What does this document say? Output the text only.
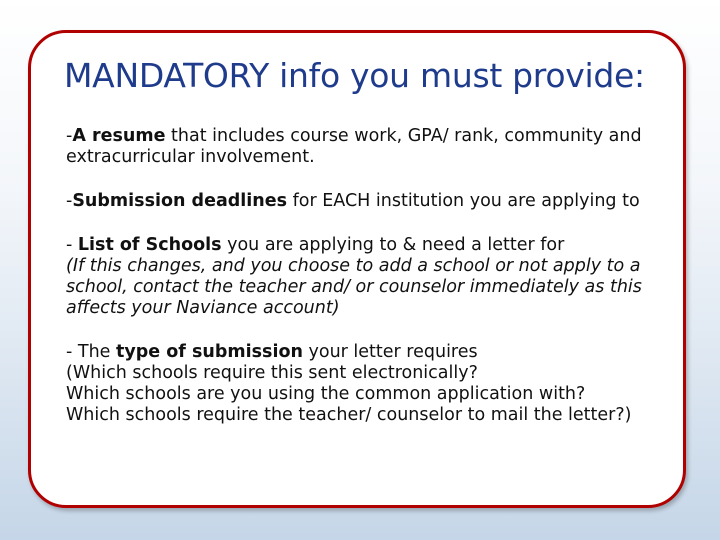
MANDATORY info you must provide:

-A resume that includes course work, GPA/ rank, community and
extracurricular involvement.

-Submission deadlines for EACH institution you are applying to

- List of Schools you are applying to & need a letter for
(If this changes, and you choose to add a school or not apply to a
school, contact the teacher and/ or counselor immediately as this
affects your Naviance account)

- The type of submission your letter requires
(Which schools require this sent electronically?
Which schools are you using the common application with?
Which schools require the teacher/ counselor to mail the letter?)
